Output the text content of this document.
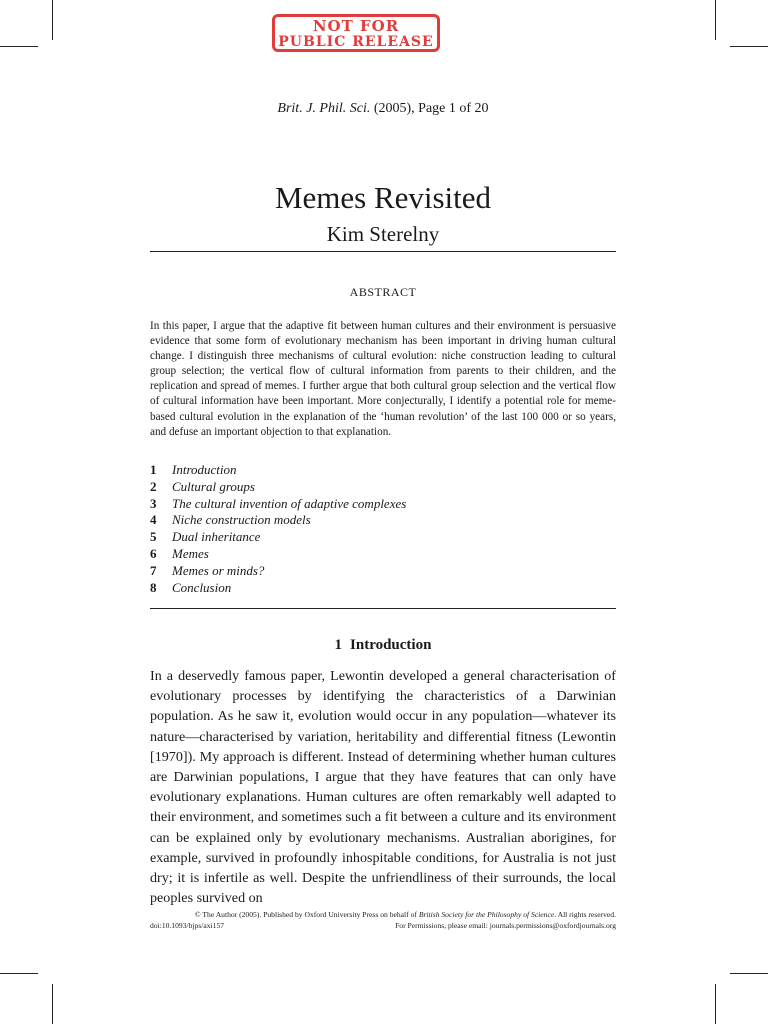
NOT FOR
PUBLIC RELEASE
Brit. J. Phil. Sci. (2005), Page 1 of 20
Memes Revisited
Kim Sterelny
ABSTRACT
In this paper, I argue that the adaptive fit between human cultures and their environment is persuasive evidence that some form of evolutionary mechanism has been important in driving human cultural change. I distinguish three mechanisms of cultural evolution: niche construction leading to cultural group selection; the vertical flow of cultural information from parents to their children, and the replication and spread of memes. I further argue that both cultural group selection and the vertical flow of cultural information have been important. More conjecturally, I identify a potential role for meme-based cultural evolution in the explanation of the ‘human revolution’ of the last 100 000 or so years, and defuse an important objection to that explanation.
1	Introduction
2	Cultural groups
3	The cultural invention of adaptive complexes
4	Niche construction models
5	Dual inheritance
6	Memes
7	Memes or minds?
8	Conclusion
1 Introduction
In a deservedly famous paper, Lewontin developed a general characterisation of evolutionary processes by identifying the characteristics of a Darwinian population. As he saw it, evolution would occur in any population—whatever its nature—characterised by variation, heritability and differential fitness (Lewontin [1970]). My approach is different. Instead of determining whether human cultures are Darwinian populations, I argue that they have features that can only have evolutionary explanations. Human cultures are often remarkably well adapted to their environment, and sometimes such a fit between a culture and its environment can be explained only by evolutionary mechanisms. Australian aborigines, for example, survived in profoundly inhospitable conditions, for Australia is not just dry; it is infertile as well. Despite the unfriendliness of their surrounds, the local peoples survived on
© The Author (2005). Published by Oxford University Press on behalf of British Society for the Philosophy of Science. All rights reserved.
doi:10.1093/bjps/axi157	For Permissions, please email: journals.permissions@oxfordjournals.org
